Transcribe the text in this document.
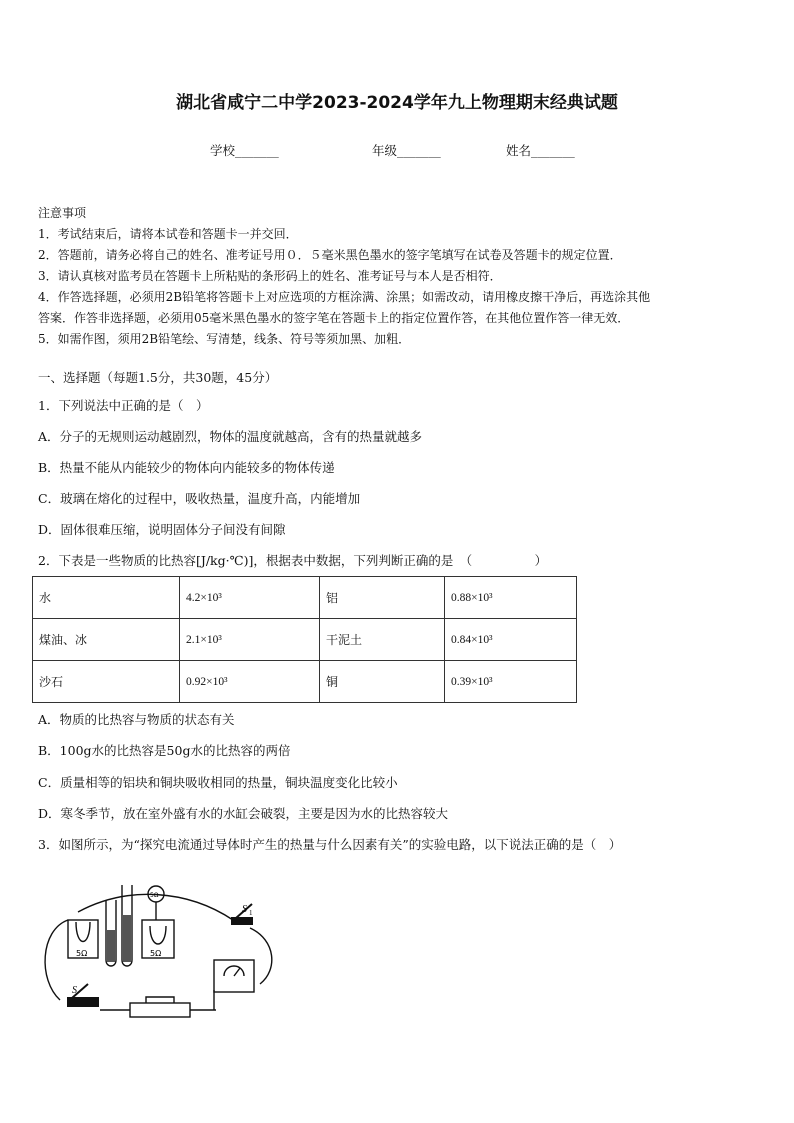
湖北省咸宁二中学2023-2024学年九上物理期末经典试题
学校_______	年级_______	姓名_______
注意事项
1．考试结束后，请将本试卷和答题卡一并交回．
2．答题前，请务必将自己的姓名、准考证号用０．５毫米黑色墨水的签字笔填写在试卷及答题卡的规定位置．
3．请认真核对监考员在答题卡上所粘贴的条形码上的姓名、准考证号与本人是否相符．
4．作答选择题，必须用2B铅笔将答题卡上对应选项的方框涂满、涂黑；如需改动，请用橡皮擦干净后，再选涂其他
答案．作答非选择题，必须用05毫米黑色墨水的签字笔在答题卡上的指定位置作答，在其他位置作答一律无效．
5．如需作图，须用2B铅笔绘、写清楚，线条、符号等须加黑、加粗．
一、选择题（每题1.5分，共30题，45分）
1．下列说法中正确的是（　）
A．分子的无规则运动越剧烈，物体的温度就越高，含有的热量就越多
B．热量不能从内能较少的物体向内能较多的物体传递
C．玻璃在熔化的过程中，吸收热量，温度升高，内能增加
D．固体很难压缩，说明固体分子间没有间隙
2．下表是一些物质的比热容[J/kg·℃)]，根据表中数据，下列判断正确的是　（　　　　　）
水	4.2×10³	铝	0.88×10³
煤油、冰	2.1×10³	干泥土	0.84×10³
沙石	0.92×10³	铜	0.39×10³
A．物质的比热容与物质的状态有关
B．100g水的比热容是50g水的比热容的两倍
C．质量相等的铝块和铜块吸收相同的热量，铜块温度变化比较小
D．寒冬季节，放在室外盛有水的水缸会破裂，主要是因为水的比热容较大
3．如图所示，为“探究电流通过导体时产生的热量与什么因素有关”的实验电路，以下说法正确的是（　）
S 1
S
5Ω	5Ω
5Ω
